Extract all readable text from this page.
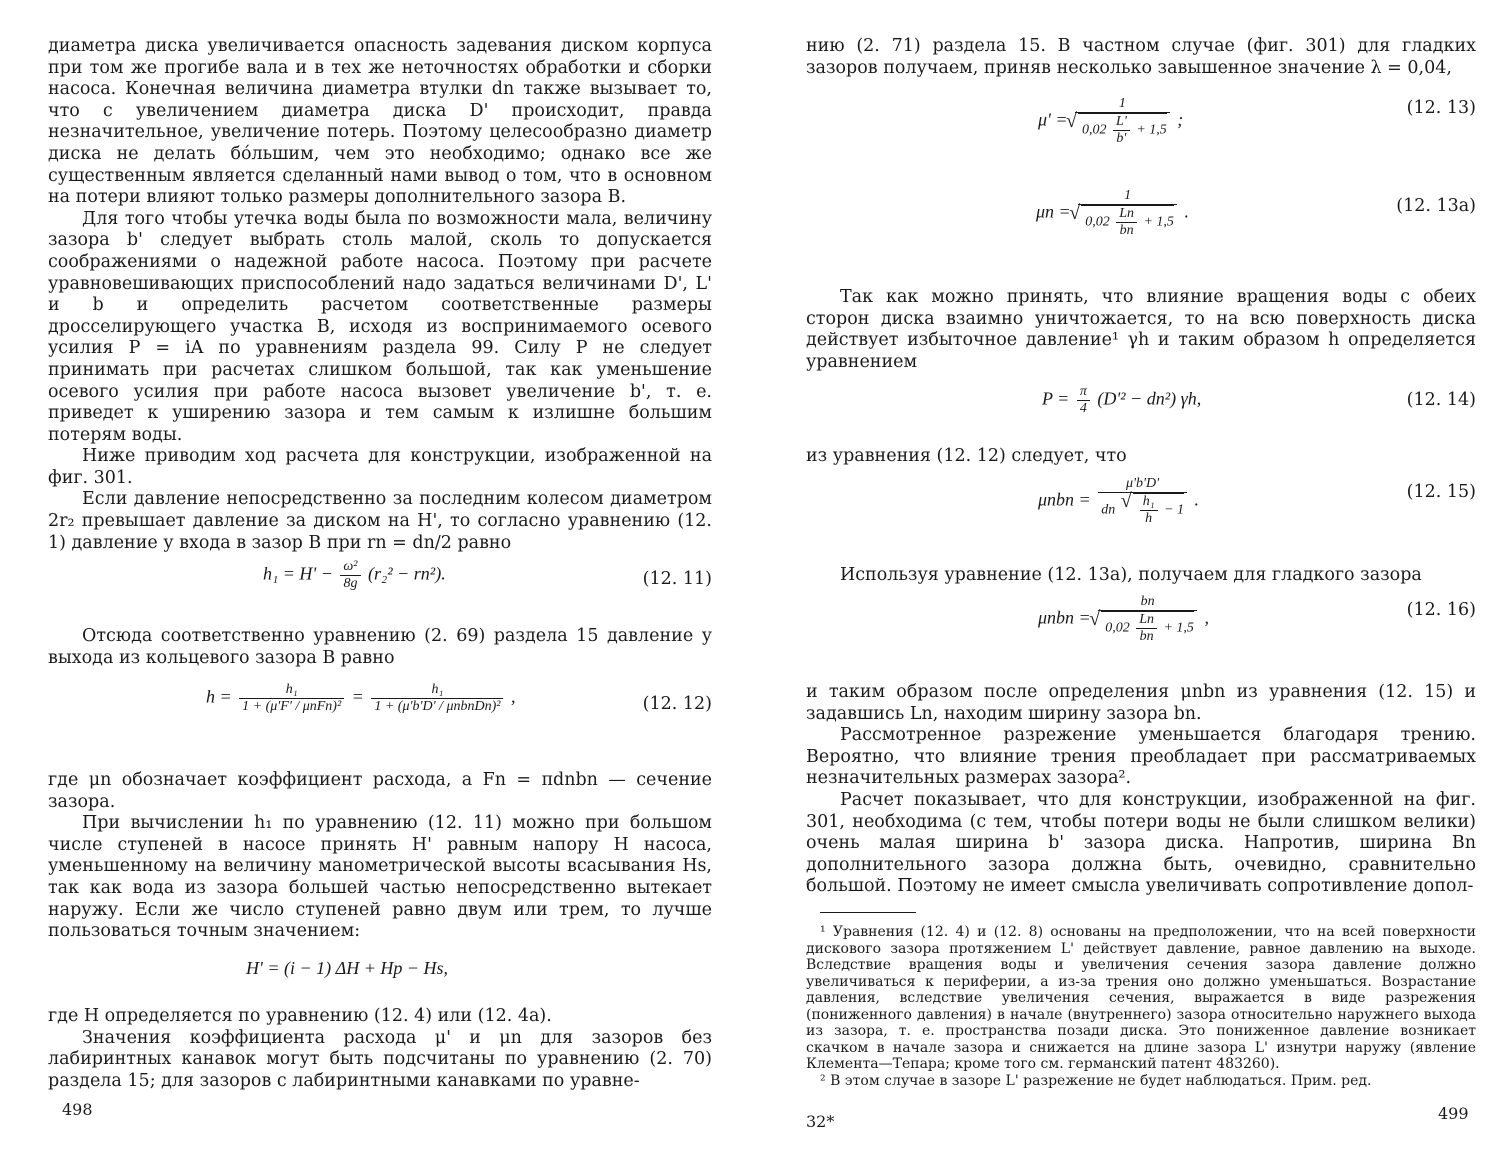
диаметра диска увеличивается опасность задевания диском корпуса при том же прогибе вала и в тех же неточностях обработки и сборки насоса. Конечная величина диаметра втулки dn также вызывает то, что с увеличением диаметра диска D' происходит, правда незначительное, увеличение потерь. Поэтому целесообразно диаметр диска не делать бо́льшим, чем это необходимо; однако все же существенным является сделанный нами вывод о том, что в основном на потери влияют только размеры дополнительного зазора B.

Для того чтобы утечка воды была по возможности мала, величину зазора b' следует выбрать столь малой, сколь то допускается соображениями о надежной работе насоса. Поэтому при расчете уравновешивающих приспособлений надо задаться величинами D', L' и b и определить расчетом соответственные размеры дросселирующего участка B, исходя из воспринимаемого осевого усилия P = iA по уравнениям раздела 99. Силу P не следует принимать при расчетах слишком большой, так как уменьшение осевого усилия при работе насоса вызовет увеличение b', т. е. приведет к уширению зазора и тем самым к излишне большим потерям воды.

Ниже приводим ход расчета для конструкции, изображенной на фиг. 301.

Если давление непосредственно за последним колесом диаметром 2r₂ превышает давление за диском на H', то согласно уравнению (12. 1) давление у входа в зазор B при rn = dn/2 равно

$h_1 = H' - \frac{\text{ω²}}{8g} (r_2^2 - rn^2)$.	(12. 11)

Отсюда соответственно уравнению (2. 69) раздела 15 давление у выхода из кольцевого зазора B равно

$h = \frac{\text{h₁}}{\text{1 + (μ'F' / μnFn)²}} = \frac{\text{h₁}}{\text{1 + (μ'b'D' / μnbnDn)²}}$ ,	(12. 12)

где μn обозначает коэффициент расхода, а Fn = πdnbn — сечение зазора.

При вычислении h₁ по уравнению (12. 11) можно при большом числе ступеней в насосе принять H' равным напору H насоса, уменьшенному на величину манометрической высоты всасывания Hs, так как вода из зазора большей частью непосредственно вытекает наружу. Если же число ступеней равно двум или трем, то лучше пользоваться точным значением:

H' = (i − 1) ΔH + Hp − Hs,

где H определяется по уравнению (12. 4) или (12. 4а).

Значения коэффициента расхода μ' и μn для зазоров без лабиринтных канавок могут быть подсчитаны по уравнению (2. 70) раздела 15; для зазоров с лабиринтными канавками по уравне-

498

нию (2. 71) раздела 15. В частном случае (фиг. 301) для гладких зазоров получаем, приняв несколько завышенное значение λ = 0,04,

μ' = 1
√ $0,02 \frac{L'}{b'} + 1,5$ ;
(12. 13)
μn = 1
√ $0,02 \frac{Ln}{bn} + 1,5$ .	(12. 13а)

Так как можно принять, что влияние вращения воды с обеих сторон диска взаимно уничтожается, то на всю поверхность диска действует избыточное давление¹ γh и таким образом h определяется уравнением

$P = \frac{\pi}{4} (D'^2 - dn^2)$ γh,	(12. 14)

из уравнения (12. 12) следует, что

μnbn = μ'b'D'
dn
√ $\frac{\text{h₁}}{h} - 1$ .	(12. 15)

Используя уравнение (12. 13а), получаем для гладкого зазора

μnbn = bn
√ $0,02 \frac{Ln}{bn} + 1,5$ ,	(12. 16)

и таким образом после определения μnbn из уравнения (12. 15) и задавшись Ln, находим ширину зазора bn.

Рассмотренное разрежение уменьшается благодаря трению. Вероятно, что влияние трения преобладает при рассматриваемых незначительных размерах зазора².

Расчет показывает, что для конструкции, изображенной на фиг. 301, необходима (с тем, чтобы потери воды не были слишком велики) очень малая ширина b' зазора диска. Напротив, ширина Bn дополнительного зазора должна быть, очевидно, сравнительно большой. Поэтому не имеет смысла увеличивать сопротивление допол-

¹ Уравнения (12. 4) и (12. 8) основаны на предположении, что на всей поверхности дискового зазора протяжением L' действует давление, равное давлению на выходе. Вследствие вращения воды и увеличения сечения зазора давление должно увеличиваться к периферии, а из-за трения оно должно уменьшаться. Возрастание давления, вследствие увеличения сечения, выражается в виде разрежения (пониженного давления) в начале (внутреннего) зазора относительно наружнего выхода из зазора, т. е. пространства позади диска. Это пониженное давление возникает скачком в начале зазора и снижается на длине зазора L' изнутри наружу (явление Клемента—Тепара; кроме того см. германский патент 483260).

² В этом случае в зазоре L' разрежение не будет наблюдаться. Прим. ред.

32*	499
